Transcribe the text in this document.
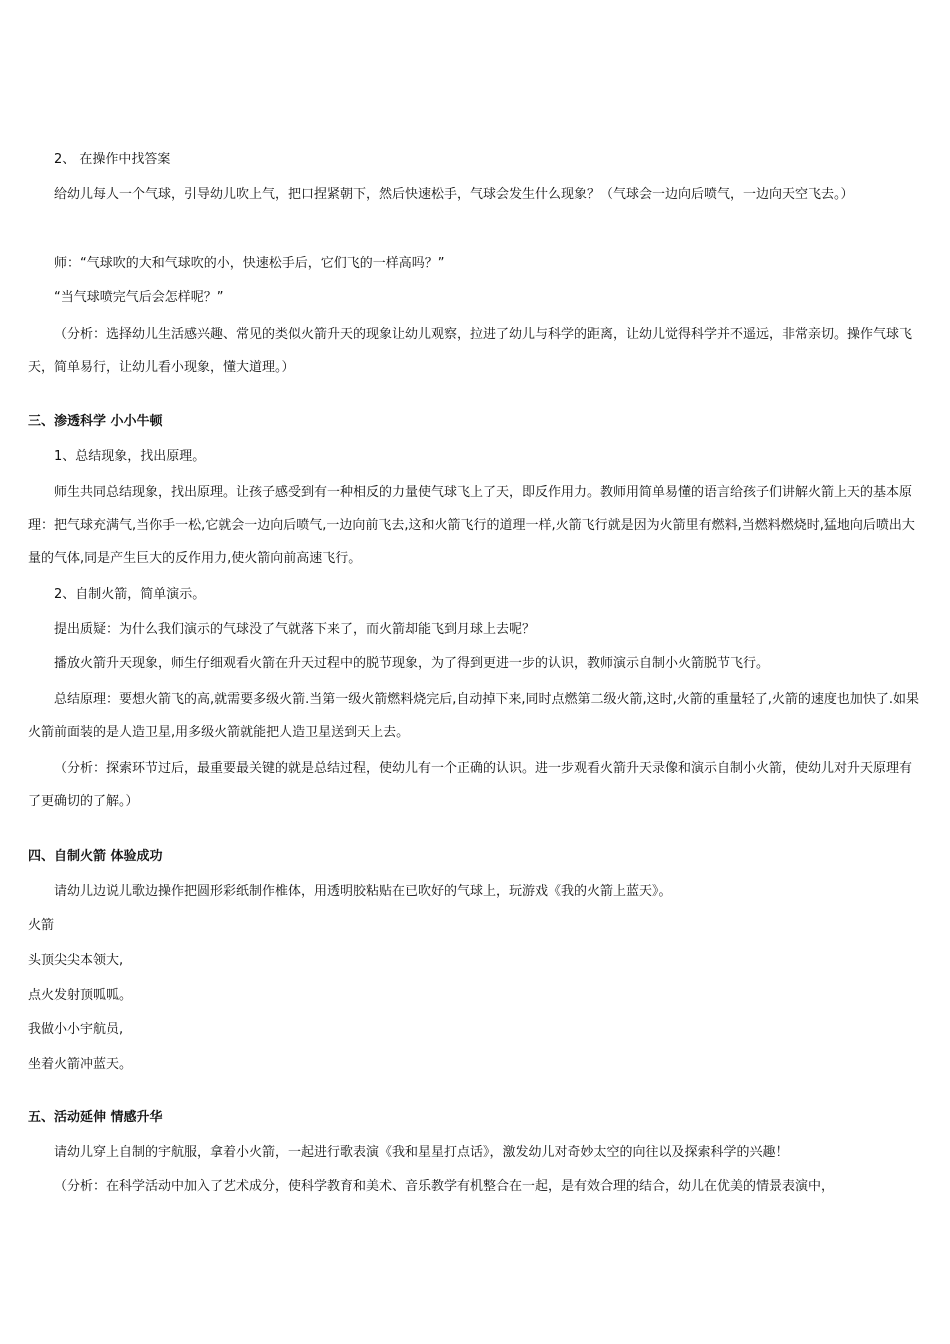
2、 在操作中找答案

给幼儿每人一个气球，引导幼儿吹上气，把口捏紧朝下，然后快速松手，气球会发生什么现象？（气球会一边向后喷气，一边向天空飞去。）

师：“气球吹的大和气球吹的小，快速松手后，它们飞的一样高吗？”

“当气球喷完气后会怎样呢？”

（分析：选择幼儿生活感兴趣、常见的类似火箭升天的现象让幼儿观察，拉进了幼儿与科学的距离，让幼儿觉得科学并不遥远，非常亲切。操作气球飞天，简单易行，让幼儿看小现象，懂大道理。）

三、渗透科学 小小牛顿

1、总结现象，找出原理。

师生共同总结现象，找出原理。让孩子感受到有一种相反的力量使气球飞上了天，即反作用力。教师用简单易懂的语言给孩子们讲解火箭上天的基本原理：把气球充满气,当你手一松,它就会一边向后喷气,一边向前飞去,这和火箭飞行的道理一样,火箭飞行就是因为火箭里有燃料,当燃料燃烧时,猛地向后喷出大量的气体,同是产生巨大的反作用力,使火箭向前高速飞行。

2、自制火箭，简单演示。

提出质疑：为什么我们演示的气球没了气就落下来了，而火箭却能飞到月球上去呢？

播放火箭升天现象，师生仔细观看火箭在升天过程中的脱节现象，为了得到更进一步的认识，教师演示自制小火箭脱节飞行。

总结原理：要想火箭飞的高,就需要多级火箭.当第一级火箭燃料烧完后,自动掉下来,同时点燃第二级火箭,这时,火箭的重量轻了,火箭的速度也加快了.如果火箭前面装的是人造卫星,用多级火箭就能把人造卫星送到天上去。

（分析：探索环节过后，最重要最关键的就是总结过程，使幼儿有一个正确的认识。进一步观看火箭升天录像和演示自制小火箭，使幼儿对升天原理有了更确切的了解。）

四、自制火箭 体验成功

请幼儿边说儿歌边操作把圆形彩纸制作椎体，用透明胶粘贴在已吹好的气球上，玩游戏《我的火箭上蓝天》。

火箭

头顶尖尖本领大,

点火发射顶呱呱。

我做小小宇航员,

坐着火箭冲蓝天。

五、活动延伸 情感升华

请幼儿穿上自制的宇航服，拿着小火箭，一起进行歌表演《我和星星打点话》，激发幼儿对奇妙太空的向往以及探索科学的兴趣！

（分析：在科学活动中加入了艺术成分，使科学教育和美术、音乐教学有机整合在一起，是有效合理的结合，幼儿在优美的情景表演中，
